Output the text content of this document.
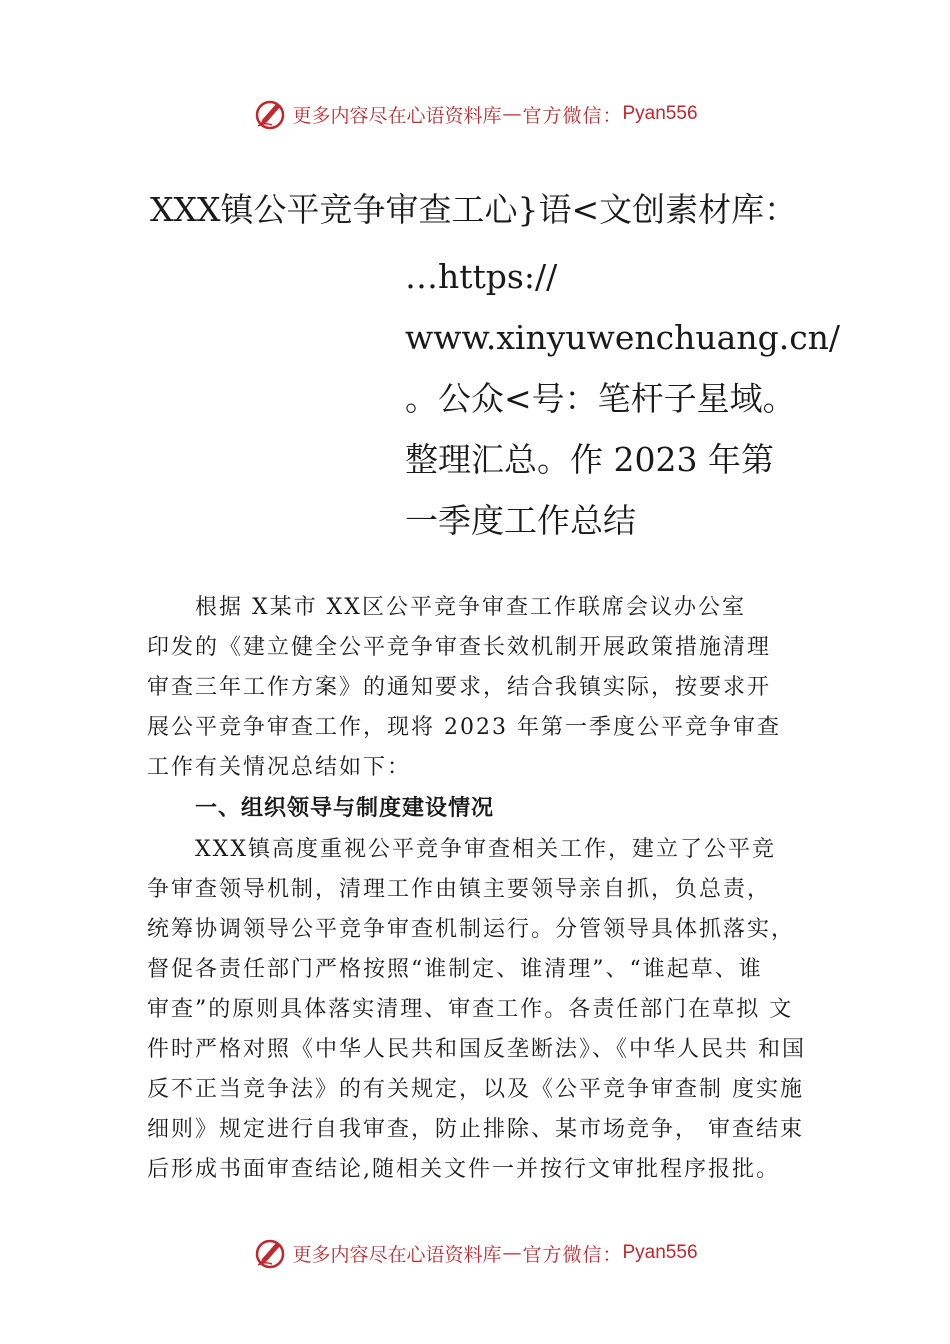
更多内容尽在心语资料库 — 官方微信： Pyan556
XXX镇公平竞争审查工心}语<文创素材库：
…https://
www.xinyuwenchuang.cn/
。公众<号：笔杆子星域。
整理汇总。作 2023 年第
一季度工作总结

根据 X某市 XX区公平竞争审查工作联席会议办公室
印发的《建立健全公平竞争审查长效机制开展政策措施清理
审查三年工作方案》的通知要求，结合我镇实际，按要求开
展公平竞争审查工作，现将 2023 年第一季度公平竞争审查
工作有关情况总结如下：

一、组织领导与制度建设情况

XXX镇高度重视公平竞争审查相关工作，建立了公平竞
争审查领导机制，清理工作由镇主要领导亲自抓，负总责，
统筹协调领导公平竞争审查机制运行。分管领导具体抓落实，
督促各责任部门严格按照“谁制定、谁清理”、“谁起草、谁
审查”的原则具体落实清理、审查工作。各责任部门在草拟 文
件时严格对照《中华人民共和国反垄断法》、《中华人民共 和国
反不正当竞争法》的有关规定，以及《公平竞争审查制 度实施
细则》规定进行自我审查，防止排除、某市场竞争， 审查结束
后形成书面审查结论,随相关文件一并按行文审批程序报批。

更多内容尽在心语资料库 — 官方微信： Pyan556
